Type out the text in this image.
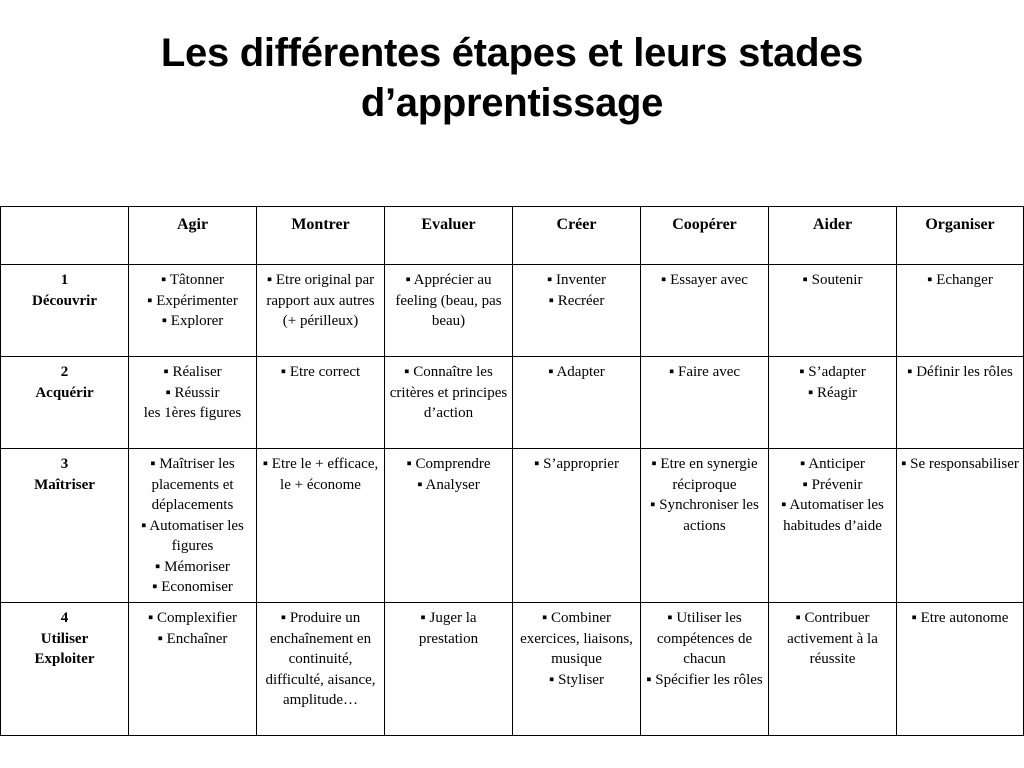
Les différentes étapes et leurs stades
d’apprentissage
	Agir	Montrer	Evaluer	Créer	Coopérer	Aider	Organiser

1
Découvrir	▪ Tâtonner
▪ Expérimenter
▪ Explorer	▪ Etre original par rapport aux autres
(+ périlleux)	▪ Apprécier au feeling (beau, pas beau)	▪ Inventer
▪ Recréer	▪ Essayer avec	▪ Soutenir	▪ Echanger

2
Acquérir	▪ Réaliser
▪ Réussir
les 1ères figures	▪ Etre correct	▪ Connaître les critères et principes d’action	▪ Adapter	▪ Faire avec	▪ S’adapter
▪ Réagir	▪ Définir les rôles

3
Maîtriser	▪ Maîtriser les placements et déplacements
▪ Automatiser les figures
▪ Mémoriser
▪ Economiser	▪ Etre le + efficace, le + économe	▪ Comprendre
▪ Analyser	▪ S’approprier	▪ Etre en synergie réciproque
▪ Synchroniser les actions	▪ Anticiper
▪ Prévenir
▪ Automatiser les habitudes d’aide	▪ Se responsabiliser

4
Utiliser
Exploiter	▪ Complexifier
▪ Enchaîner	▪ Produire un enchaînement en continuité, difficulté, aisance, amplitude…	▪ Juger la prestation	▪ Combiner exercices, liaisons, musique
▪ Styliser	▪ Utiliser les compétences de chacun
▪ Spécifier les rôles	▪ Contribuer activement à la réussite	▪ Etre autonome
